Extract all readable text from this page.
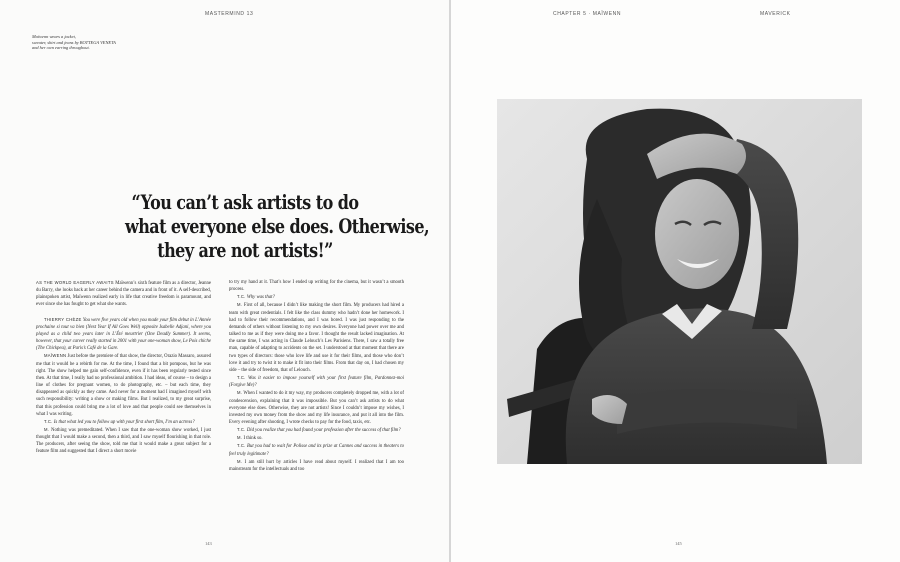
MASTERMIND 13
Maïwenn wears a jacket,
sweater, shirt and jeans by BOTTEGA VENETA
and her own earring throughout.
“You can’t ask artists to do
what everyone else does. Otherwise,
they are not artists!”

AS THE WORLD EAGERLY AWAITS Maïwenn’s sixth feature film as a director, Jeanne du Barry, she looks back at her career behind the camera and in front of it. A self-described, plainspoken artist, Maïwenn realized early in life that creative freedom is paramount, and ever since she has fought to get what she wants.

THIERRY CHÈZE You were five years old when you made your film debut in L’Année prochaine si tout va bien (Next Year If All Goes Well) opposite Isabelle Adjani, where you played as a child two years later in L’Été meurtrier (One Deadly Summer). It seems, however, that your career really started in 2001 with your one-woman show, Le Pois chiche (The Chickpea), at Paris’s Café de la Gare.

MAÏWENN Just before the premiere of that show, the director, Orazio Massaro, assured me that it would be a rebirth for me. At the time, I found that a bit pompous, but he was right. The show helped me gain self-confidence, even if it has been regularly tested since then. At that time, I really had no professional ambition. I had ideas, of course – to design a line of clothes for pregnant women, to do photography, etc. – but each time, they disappeared as quickly as they came. And never for a moment had I imagined myself with such responsibility: writing a show or making films. But I realized, to my great surprise, that this profession could bring me a lot of love and that people could see themselves in what I was writing.

T.C. Is that what led you to follow up with your first short film, I’m an actress?

M. Nothing was premeditated. When I saw that the one-woman show worked, I just thought that I would make a second, then a third, and I saw myself flourishing in that role. The producers, after seeing the show, told me that it would make a great subject for a feature film and suggested that I direct a short movie

to try my hand at it. That’s how I ended up writing for the cinema, but it wasn’t a smooth process.

T.C. Why was that?

M. First of all, because I didn’t like making the short film. My producers had hired a team with great credentials. I felt like the class dummy who hadn’t done her homework. I had to follow their recommendations, and I was bored. I was just responding to the demands of others without listening to my own desires. Everyone had power over me and talked to me as if they were doing me a favor. I thought the result lacked imagination. At the same time, I was acting in Claude Lelouch’s Les Parisiens. There, I saw a totally free man, capable of adapting to accidents on the set. I understood at that moment that there are two types of directors: those who love life and use it for their films, and those who don’t love it and try to twist it to make it fit into their films. From that day on, I had chosen my side – the side of freedom, that of Lelouch.

T.C. Was it easier to impose yourself with your first feature film, Pardonnez-moi (Forgive Me)?

M. When I wanted to do it my way, my producers completely dropped me, with a lot of condescension, explaining that it was impossible. But you can’t ask artists to do what everyone else does. Otherwise, they are not artists! Since I couldn’t impose my wishes, I invested my own money from the show and my life insurance, and put it all into the film. Every evening after shooting, I wrote checks to pay for the food, taxis, etc.

T.C. Did you realize that you had found your profession after the success of that film?

M. I think so.

T.C. But you had to wait for Polisse and its prize at Cannes and success in theaters to feel truly legitimate?

M. I am still hurt by articles I have read about myself. I realized that I am too mainstream for the intellectuals and too

143
CHAPTER 5 · MAÏWENN	MAVERICK
145
